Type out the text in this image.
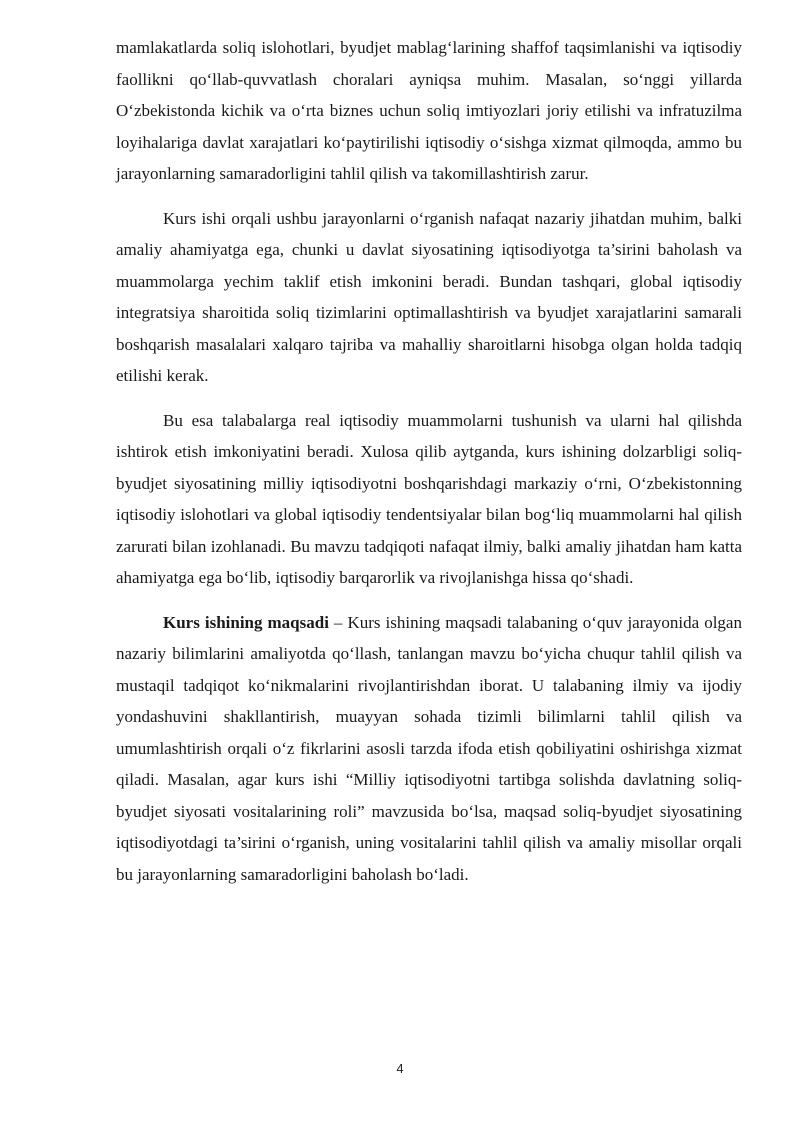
mamlakatlarda soliq islohotlari, byudjet mablag‘larining shaffof taqsimlanishi va iqtisodiy faollikni qo‘llab-quvvatlash choralari ayniqsa muhim. Masalan, so‘nggi yillarda O‘zbekistonda kichik va o‘rta biznes uchun soliq imtiyozlari joriy etilishi va infratuzilma loyihalariga davlat xarajatlari ko‘paytirilishi iqtisodiy o‘sishga xizmat qilmoqda, ammo bu jarayonlarning samaradorligini tahlil qilish va takomillashtirish zarur.

Kurs ishi orqali ushbu jarayonlarni o‘rganish nafaqat nazariy jihatdan muhim, balki amaliy ahamiyatga ega, chunki u davlat siyosatining iqtisodiyotga ta’sirini baholash va muammolarga yechim taklif etish imkonini beradi. Bundan tashqari, global iqtisodiy integratsiya sharoitida soliq tizimlarini optimallashtirish va byudjet xarajatlarini samarali boshqarish masalalari xalqaro tajriba va mahalliy sharoitlarni hisobga olgan holda tadqiq etilishi kerak.

Bu esa talabalarga real iqtisodiy muammolarni tushunish va ularni hal qilishda ishtirok etish imkoniyatini beradi. Xulosa qilib aytganda, kurs ishining dolzarbligi soliq-byudjet siyosatining milliy iqtisodiyotni boshqarishdagi markaziy o‘rni, O‘zbekistonning iqtisodiy islohotlari va global iqtisodiy tendentsiyalar bilan bog‘liq muammolarni hal qilish zarurati bilan izohlanadi. Bu mavzu tadqiqoti nafaqat ilmiy, balki amaliy jihatdan ham katta ahamiyatga ega bo‘lib, iqtisodiy barqarorlik va rivojlanishga hissa qo‘shadi.

Kurs ishining maqsadi – Kurs ishining maqsadi talabaning o‘quv jarayonida olgan nazariy bilimlarini amaliyotda qo‘llash, tanlangan mavzu bo‘yicha chuqur tahlil qilish va mustaqil tadqiqot ko‘nikmalarini rivojlantirishdan iborat. U talabaning ilmiy va ijodiy yondashuvini shakllantirish, muayyan sohada tizimli bilimlarni tahlil qilish va umumlashtirish orqali o‘z fikrlarini asosli tarzda ifoda etish qobiliyatini oshirishga xizmat qiladi. Masalan, agar kurs ishi “Milliy iqtisodiyotni tartibga solishda davlatning soliq-byudjet siyosati vositalarining roli” mavzusida bo‘lsa, maqsad soliq-byudjet siyosatining iqtisodiyotdagi ta’sirini o‘rganish, uning vositalarini tahlil qilish va amaliy misollar orqali bu jarayonlarning samaradorligini baholash bo‘ladi.

4
